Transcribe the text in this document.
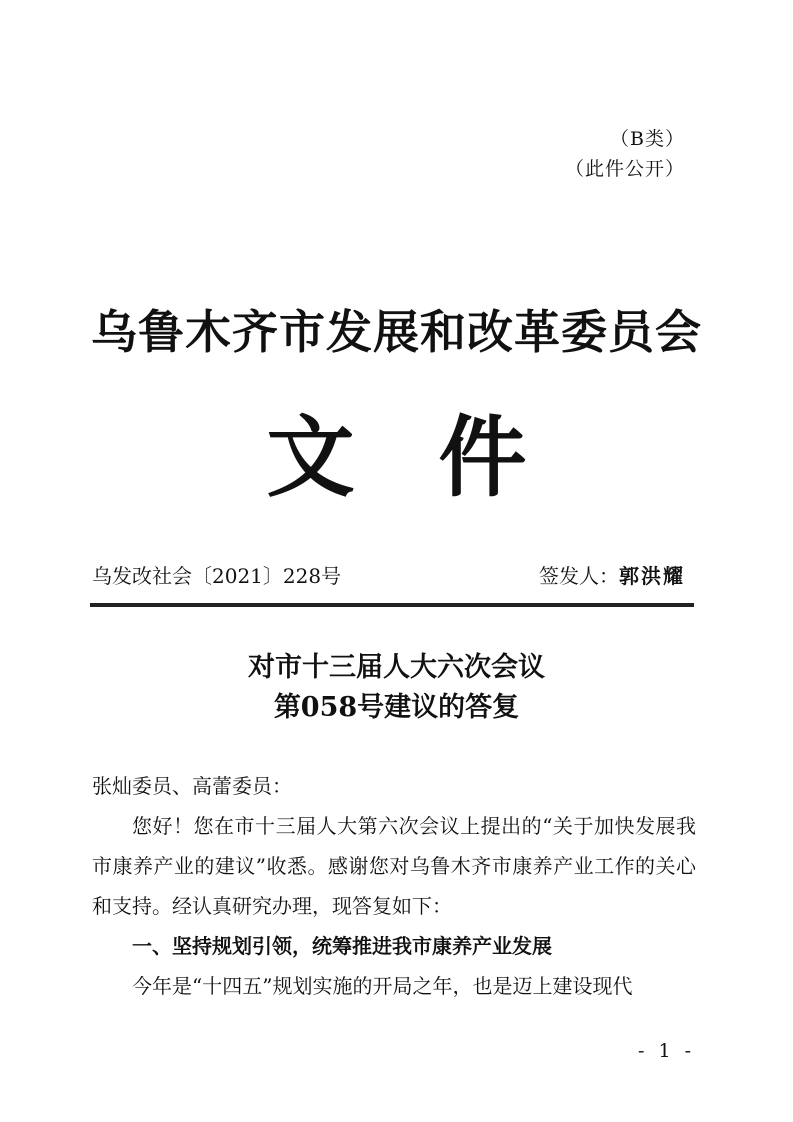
（B类）
（此件公开）
乌鲁木齐市发展和改革委员会
文件
乌发改社会〔2021〕228号	签发人：郭洪耀
对市十三届人大六次会议
第058号建议的答复

张灿委员、高蕾委员：

您好！您在市十三届人大第六次会议上提出的“关于加快发展我市康养产业的建议”收悉。感谢您对乌鲁木齐市康养产业工作的关心和支持。经认真研究办理，现答复如下：

一、坚持规划引领，统筹推进我市康养产业发展

今年是“十四五”规划实施的开局之年，也是迈上建设现代

- 1 -
